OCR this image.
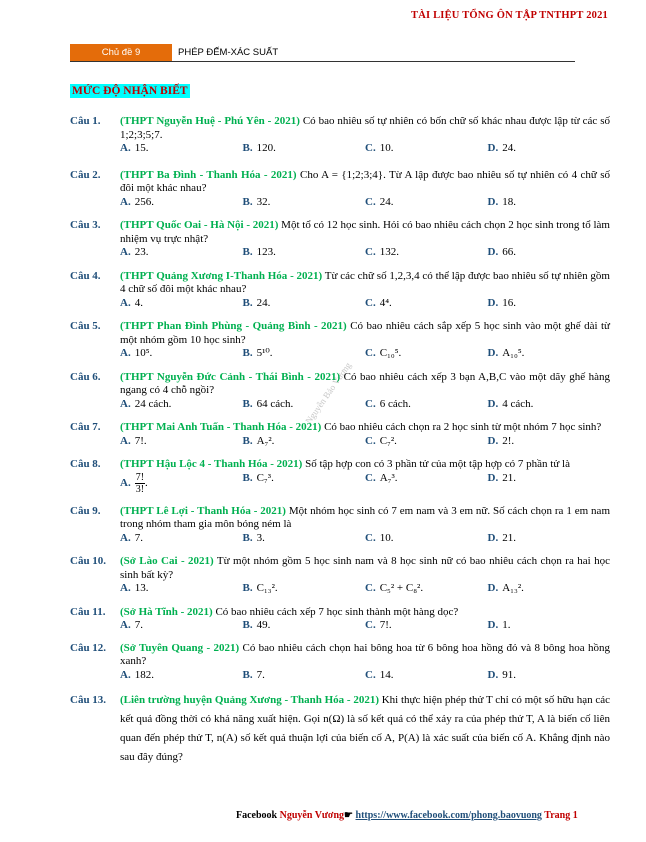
TÀI LIỆU TỔNG ÔN TẬP TNTHPT 2021
Chủ đề 9	PHÉP ĐẾM-XÁC SUẤT
MỨC ĐỘ NHẬN BIẾT
Nguyễn Bảo Vương
Câu 1.	(THPT Nguyễn Huệ - Phú Yên - 2021) Có bao nhiêu số tự nhiên có bốn chữ số khác nhau được lập từ các số 1;2;3;5;7.
A. 15.	B. 120.	C. 10.	D. 24.
Câu 2.	(THPT Ba Đình - Thanh Hóa - 2021) Cho A = {1;2;3;4}. Từ A lập được bao nhiêu số tự nhiên có 4 chữ số đôi một khác nhau?
A. 256.	B. 32.	C. 24.	D. 18.
Câu 3.	(THPT Quốc Oai - Hà Nội - 2021) Một tổ có 12 học sinh. Hỏi có bao nhiêu cách chọn 2 học sinh trong tổ làm nhiệm vụ trực nhật?
A. 23.	B. 123.	C. 132.	D. 66.
Câu 4.	(THPT Quảng Xương I-Thanh Hóa - 2021) Từ các chữ số 1,2,3,4 có thể lập được bao nhiêu số tự nhiên gồm 4 chữ số đôi một khác nhau?
A. 4.	B. 24.	C. 4⁴.	D. 16.
Câu 5.	(THPT Phan Đình Phùng - Quảng Bình - 2021) Có bao nhiêu cách sắp xếp 5 học sinh vào một ghế dài từ một nhóm gồm 10 học sinh?
A. 10⁵.	B. 5¹⁰.	C. C₁₀⁵.	D. A₁₀⁵.
Câu 6.	(THPT Nguyễn Đức Cảnh - Thái Bình - 2021) Có bao nhiêu cách xếp 3 bạn A,B,C vào một dãy ghế hàng ngang có 4 chỗ ngồi?
A. 24 cách.	B. 64 cách.	C. 6 cách.	D. 4 cách.
Câu 7.	(THPT Mai Anh Tuấn - Thanh Hóa - 2021) Có bao nhiêu cách chọn ra 2 học sinh từ một nhóm 7 học sinh?
A. 7!.	B. A₇².	C. C₇².	D. 2!.
Câu 8.	(THPT Hậu Lộc 4 - Thanh Hóa - 2021) Số tập hợp con có 3 phần tử của một tập hợp có 7 phần tử là
A. $\frac{7!}{3!}$ .	B. C₇³.	C. A₇³.	D. 21.
Câu 9.	(THPT Lê Lợi - Thanh Hóa - 2021) Một nhóm học sinh có 7 em nam và 3 em nữ. Số cách chọn ra 1 em nam trong nhóm tham gia môn bóng ném là
A. 7.	B. 3.	C. 10.	D. 21.
Câu 10.	(Sở Lào Cai - 2021) Từ một nhóm gồm 5 học sinh nam và 8 học sinh nữ có bao nhiêu cách chọn ra hai học sinh bất kỳ?
A. 13.	B. C₁₃².	C. C₅² + C₈².	D. A₁₃².
Câu 11.	(Sở Hà Tĩnh - 2021) Có bao nhiêu cách xếp 7 học sinh thành một hàng dọc?
A. 7.	B. 49.	C. 7!.	D. 1.
Câu 12.	(Sở Tuyên Quang - 2021) Có bao nhiêu cách chọn hai bông hoa từ 6 bông hoa hồng đỏ và 8 bông hoa hồng xanh?
A. 182.	B. 7.	C. 14.	D. 91.
Câu 13.	(Liên trường huyện Quảng Xương - Thanh Hóa - 2021) Khi thực hiện phép thử T chỉ có một số hữu hạn các kết quả đồng thời có khả năng xuất hiện. Gọi n(Ω) là số kết quả có thể xảy ra của phép thử T, A là biến cố liên quan đến phép thử T, n(A) số kết quả thuận lợi của biến cố A, P(A) là xác suất của biến cố A. Khẳng định nào sau đây đúng?
Facebook Nguyễn Vương☛ https://www.facebook.com/phong.baovuong Trang 1
